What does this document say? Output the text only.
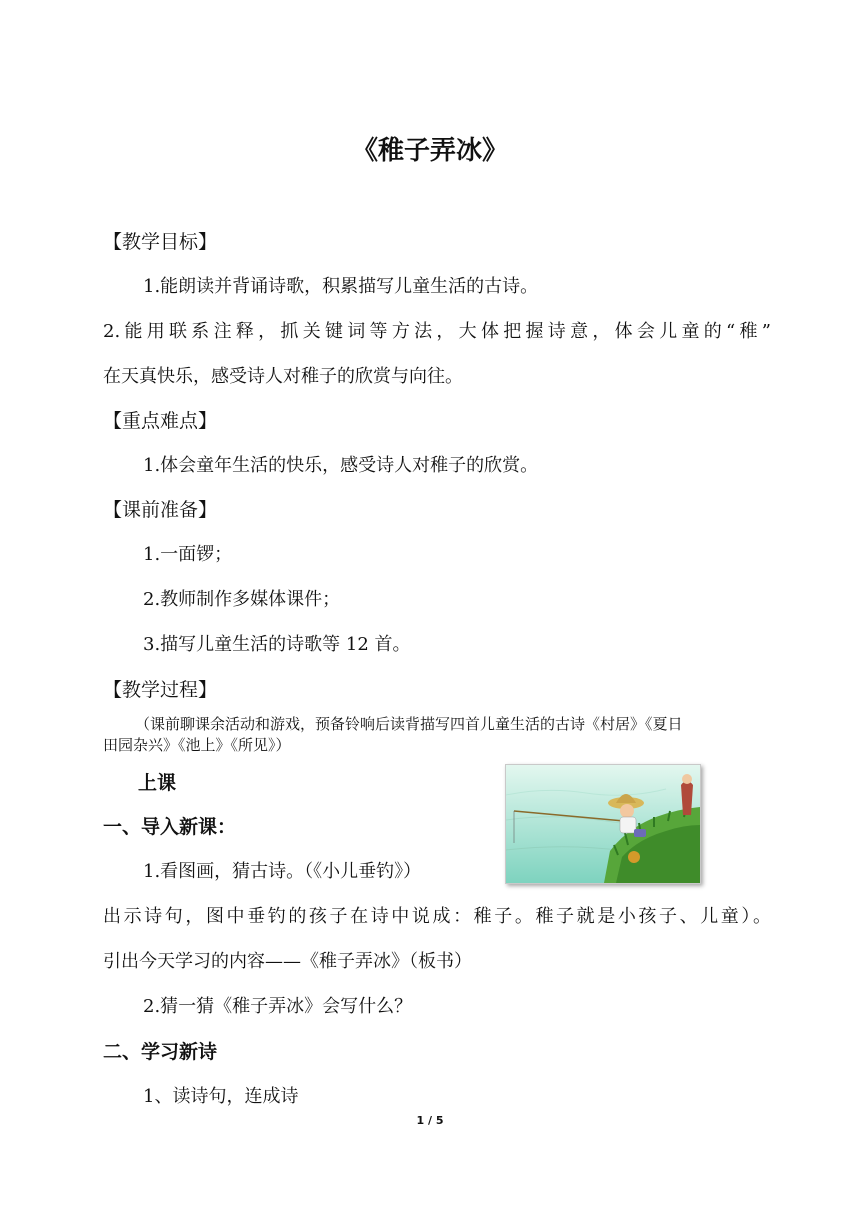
《稚子弄冰》
【教学目标】
1.能朗读并背诵诗歌，积累描写儿童生活的古诗。
2.能用联系注释，抓关键词等方法，大体把握诗意，体会儿童的“稚”
在天真快乐，感受诗人对稚子的欣赏与向往。
【重点难点】
1.体会童年生活的快乐，感受诗人对稚子的欣赏。
【课前准备】
1.一面锣；
2.教师制作多媒体课件；
3.描写儿童生活的诗歌等 12 首。
【教学过程】
（课前聊课余活动和游戏，预备铃响后读背描写四首儿童生活的古诗《村居》《夏日
田园杂兴》《池上》《所见》）
上课
一、导入新课：
1.看图画，猜古诗。（《小儿垂钓》）
出示诗句，图中垂钓的孩子在诗中说成：稚子。稚子就是小孩子、儿童）。
引出今天学习的内容——《稚子弄冰》（板书）
2.猜一猜《稚子弄冰》会写什么？
二、学习新诗
1、读诗句，连成诗
1 / 5
